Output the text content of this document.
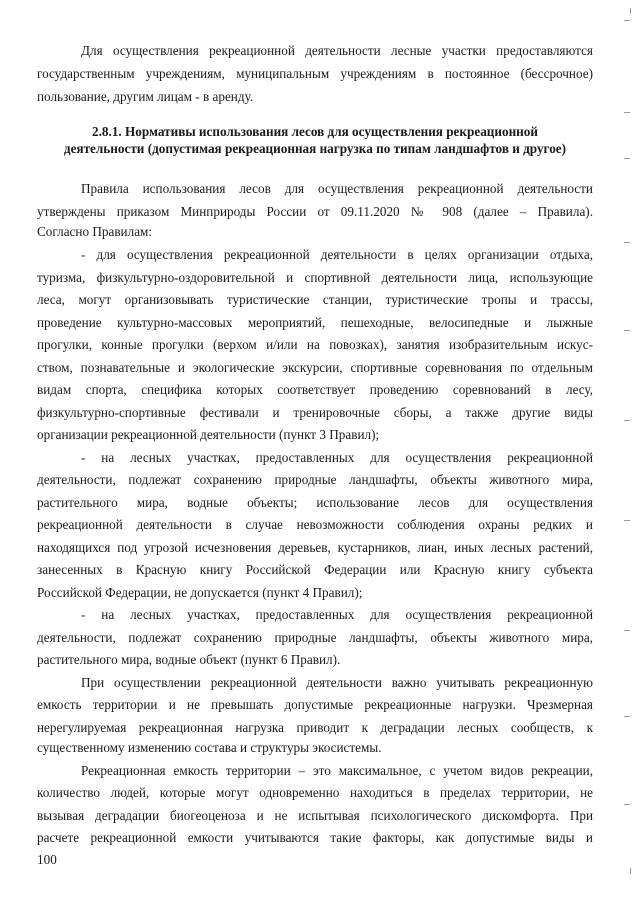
Для осуществления рекреационной деятельности лесные участки предоставляются
государственным учреждениям, муниципальным учреждениям в постоянное (бессрочное)
пользование, другим лицам - в аренду.
2.8.1. Нормативы использования лесов для осуществления рекреационной
деятельности (допустимая рекреационная нагрузка по типам ландшафтов и другое)
Правила использования лесов для осуществления рекреационной деятельности
утверждены приказом Минприроды России от 09.11.2020 № 908 (далее – Правила).
Согласно Правилам:
- для осуществления рекреационной деятельности в целях организации отдыха,
туризма, физкультурно-оздоровительной и спортивной деятельности лица, использующие
леса, могут организовывать туристические станции, туристические тропы и трассы,
проведение культурно-массовых мероприятий, пешеходные, велосипедные и лыжные
прогулки, конные прогулки (верхом и/или на повозках), занятия изобразительным искус-
ством, познавательные и экологические экскурсии, спортивные соревнования по отдельным
видам спорта, специфика которых соответствует проведению соревнований в лесу,
физкультурно-спортивные фестивали и тренировочные сборы, а также другие виды
организации рекреационной деятельности (пункт 3 Правил);
- на лесных участках, предоставленных для осуществления рекреационной
деятельности, подлежат сохранению природные ландшафты, объекты животного мира,
растительного мира, водные объекты; использование лесов для осуществления
рекреационной деятельности в случае невозможности соблюдения охраны редких и
находящихся под угрозой исчезновения деревьев, кустарников, лиан, иных лесных растений,
занесенных в Красную книгу Российской Федерации или Красную книгу субъекта
Российской Федерации, не допускается (пункт 4 Правил);
- на лесных участках, предоставленных для осуществления рекреационной
деятельности, подлежат сохранению природные ландшафты, объекты животного мира,
растительного мира, водные объект (пункт 6 Правил).
При осуществлении рекреационной деятельности важно учитывать рекреационную
емкость территории и не превышать допустимые рекреационные нагрузки. Чрезмерная
нерегулируемая рекреационная нагрузка приводит к деградации лесных сообществ, к
существенному изменению состава и структуры экосистемы.
Рекреационная емкость территории – это максимальное, с учетом видов рекреации,
количество людей, которые могут одновременно находиться в пределах территории, не
вызывая деградации биогеоценоза и не испытывая психологического дискомфорта. При
расчете рекреационной емкости учитываются такие факторы, как допустимые виды и
100
